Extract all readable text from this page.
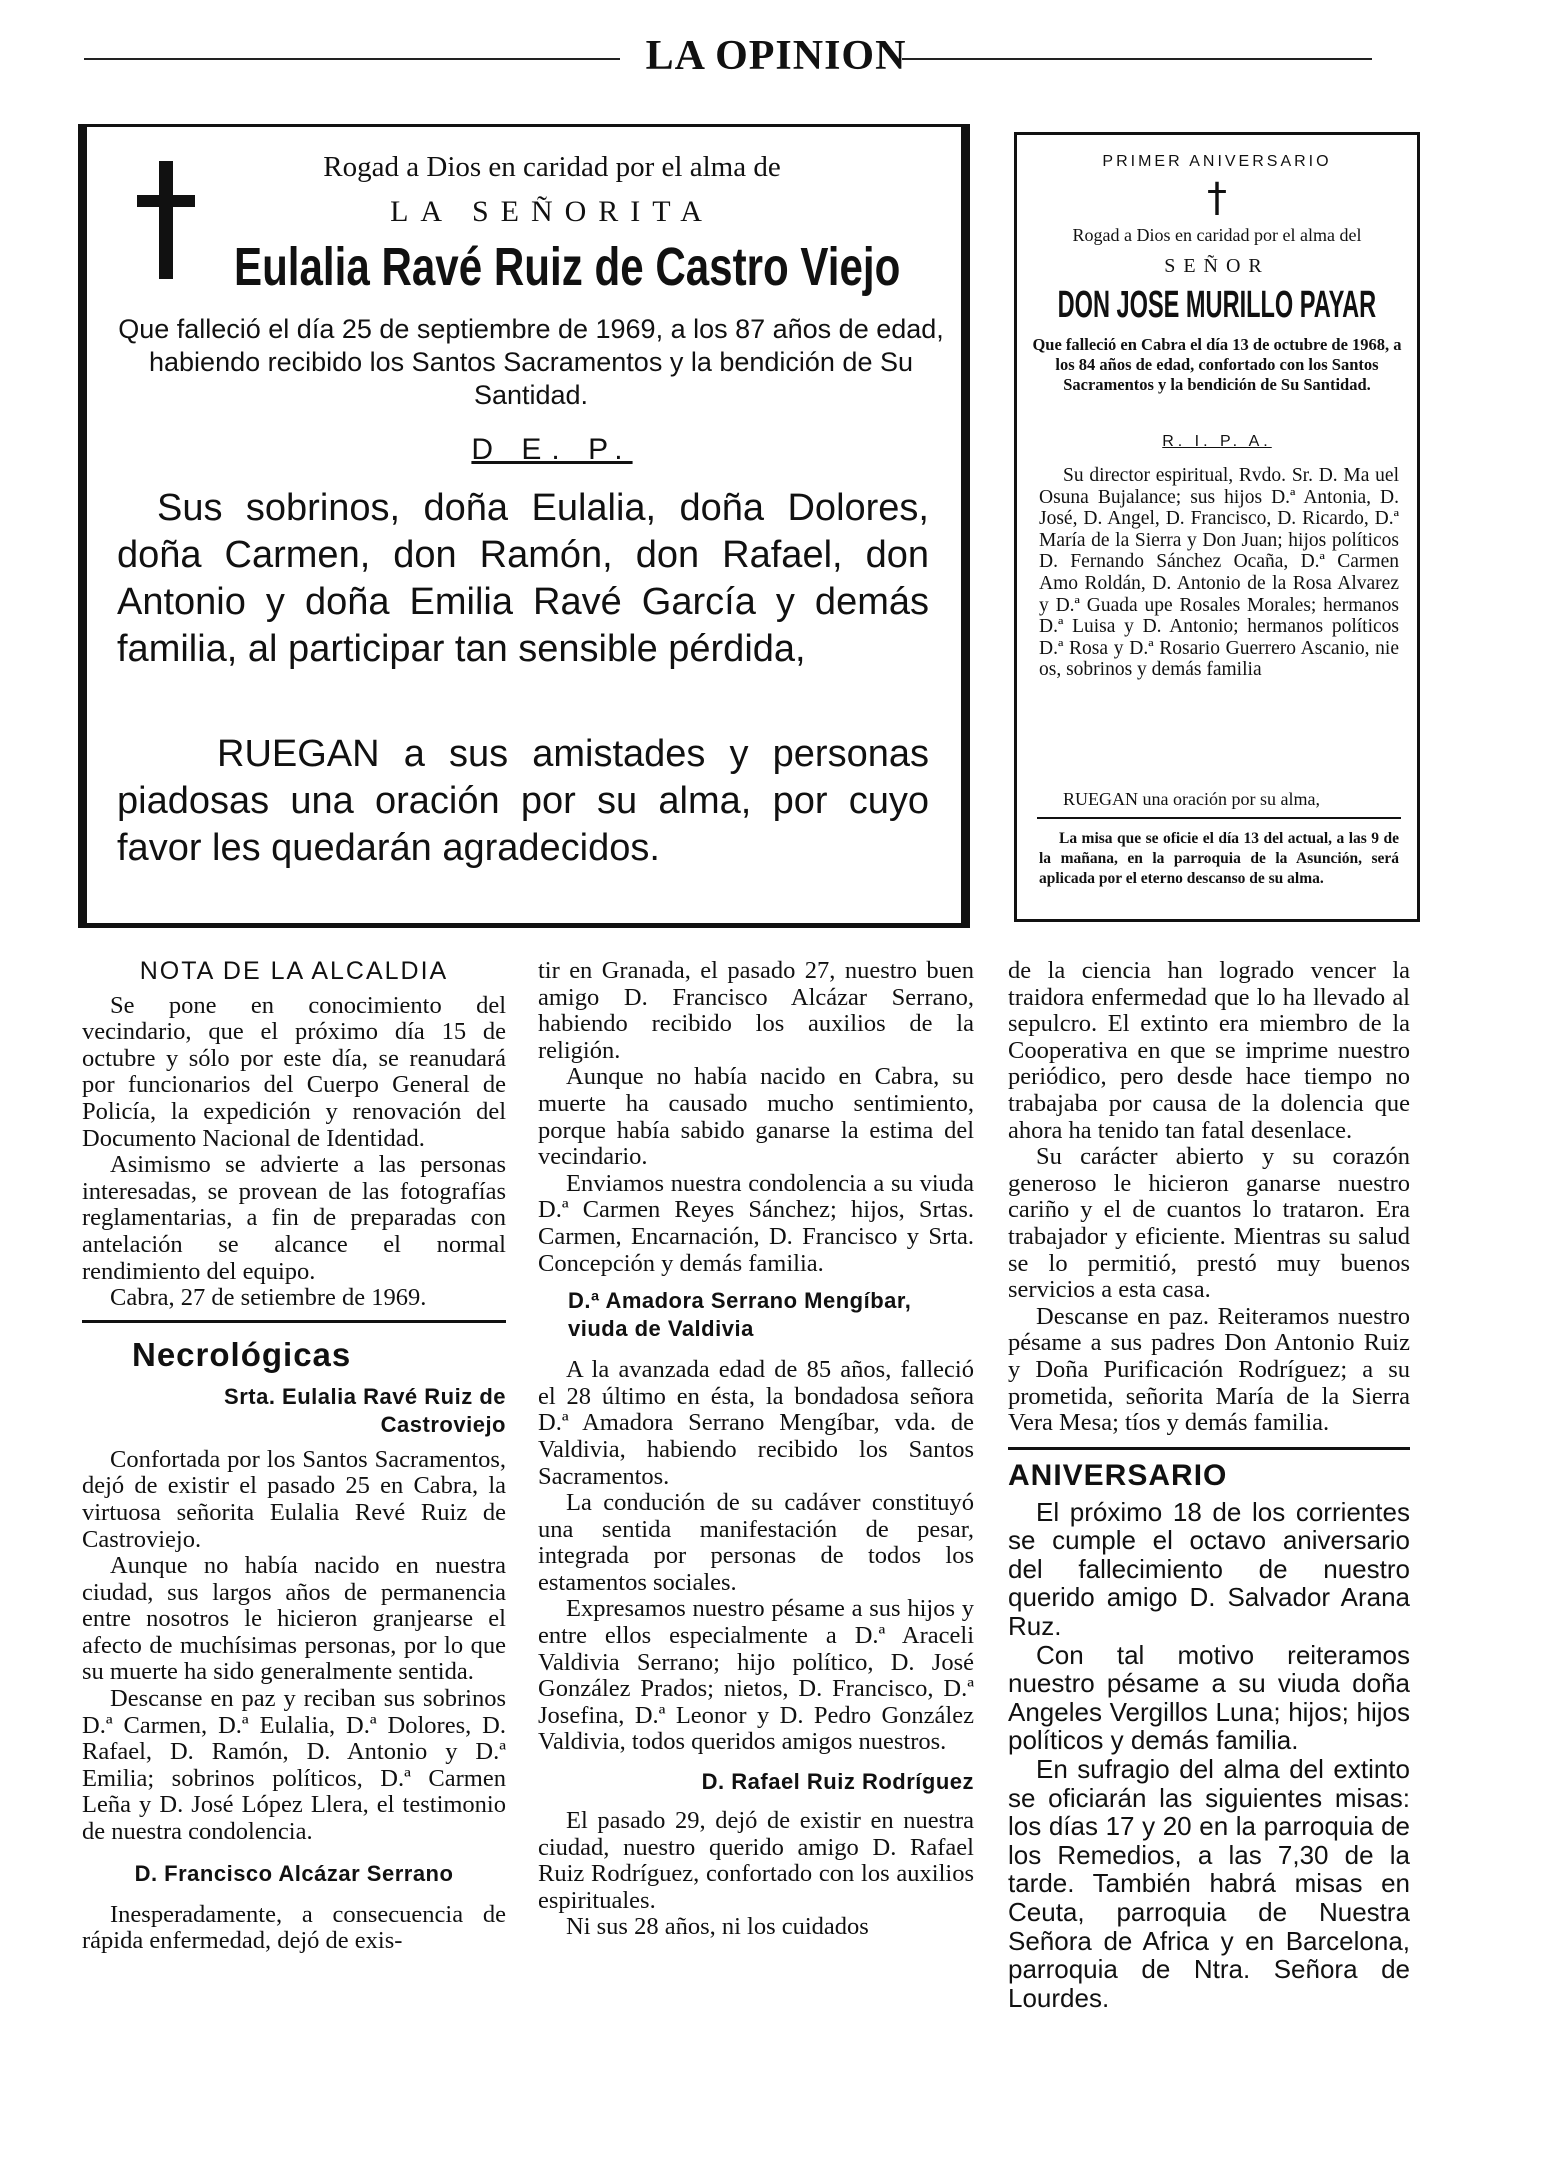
LA OPINION
Rogad a Dios en caridad por el alma de
LA SEÑORITA
Eulalia Ravé Ruiz de Castro Viejo
Que falleció el día 25 de septiembre de 1969, a los 87 años de edad, habiendo recibido los Santos Sacramentos y la bendición de Su Santidad.
D E. P.
Sus sobrinos, doña Eulalia, doña Dolores, doña Carmen, don Ramón, don Rafael, don Antonio y doña Emilia Ravé García y demás familia, al participar tan sensible pérdida,
RUEGAN a sus amistades y personas piadosas una oración por su alma, por cuyo favor les quedarán agradecidos.
PRIMER ANIVERSARIO
†
Rogad a Dios en caridad por el alma del
SEÑOR
DON JOSE MURILLO PAYAR
Que falleció en Cabra el día 13 de octubre de 1968, a los 84 años de edad, confortado con los Santos Sacramentos y la bendición de Su Santidad.
R. I. P. A.
Su director espiritual, Rvdo. Sr. D. Ma uel Osuna Bujalance; sus hijos D.ª Antonia, D. José, D. Angel, D. Francisco, D. Ricardo, D.ª María de la Sierra y Don Juan; hijos políticos D. Fernando Sánchez Ocaña, D.ª Carmen Amo Roldán, D. Antonio de la Rosa Alvarez y D.ª Guada upe Rosales Morales; hermanos D.ª Luisa y D. Antonio; hermanos políticos D.ª Rosa y D.ª Rosario Guerrero Ascanio, nie os, sobrinos y demás familia
RUEGAN una oración por su alma,
La misa que se oficie el día 13 del actual, a las 9 de la mañana, en la parroquia de la Asunción, será aplicada por el eterno descanso de su alma.
NOTA DE LA ALCALDIA

Se pone en conocimiento del vecindario, que el próximo día 15 de octubre y sólo por este día, se reanudará por funcionarios del Cuerpo General de Policía, la expedición y renovación del Documento Nacional de Identidad.

Asimismo se advierte a las personas interesadas, se provean de las fotografías reglamentarias, a fin de preparadas con antelación se alcance el normal rendimiento del equipo.

Cabra, 27 de setiembre de 1969.

Necrológicas
Srta. Eulalia Ravé Ruiz de Castroviejo

Confortada por los Santos Sacramentos, dejó de existir el pasado 25 en Cabra, la virtuosa señorita Eulalia Revé Ruiz de Castroviejo.

Aunque no había nacido en nuestra ciudad, sus largos años de permanencia entre nosotros le hicieron granjearse el afecto de muchísimas personas, por lo que su muerte ha sido generalmente sentida.

Descanse en paz y reciban sus sobrinos D.ª Carmen, D.ª Eulalia, D.ª Dolores, D. Rafael, D. Ramón, D. Antonio y D.ª Emilia; sobrinos políticos, D.ª Carmen Leña y D. José López Llera, el testimonio de nuestra condolencia.

D. Francisco Alcázar Serrano

Inesperadamente, a consecuencia de rápida enfermedad, dejó de exis-

tir en Granada, el pasado 27, nuestro buen amigo D. Francisco Alcázar Serrano, habiendo recibido los auxilios de la religión.

Aunque no había nacido en Cabra, su muerte ha causado mucho sentimiento, porque había sabido ganarse la estima del vecindario.

Enviamos nuestra condolencia a su viuda D.ª Carmen Reyes Sánchez; hijos, Srtas. Carmen, Encarnación, D. Francisco y Srta. Concepción y demás familia.

D.ª Amadora Serrano Mengíbar, viuda de Valdivia

A la avanzada edad de 85 años, falleció el 28 último en ésta, la bondadosa señora D.ª Amadora Serrano Mengíbar, vda. de Valdivia, habiendo recibido los Santos Sacramentos.

La condución de su cadáver constituyó una sentida manifestación de pesar, integrada por personas de todos los estamentos sociales.

Expresamos nuestro pésame a sus hijos y entre ellos especialmente a D.ª Araceli Valdivia Serrano; hijo político, D. José González Prados; nietos, D. Francisco, D.ª Josefina, D.ª Leonor y D. Pedro González Valdivia, todos queridos amigos nuestros.

D. Rafael Ruiz Rodríguez

El pasado 29, dejó de existir en nuestra ciudad, nuestro querido amigo D. Rafael Ruiz Rodríguez, confortado con los auxilios espirituales.

Ni sus 28 años, ni los cuidados

de la ciencia han logrado vencer la traidora enfermedad que lo ha llevado al sepulcro. El extinto era miembro de la Cooperativa en que se imprime nuestro periódico, pero desde hace tiempo no trabajaba por causa de la dolencia que ahora ha tenido tan fatal desenlace.

Su carácter abierto y su corazón generoso le hicieron ganarse nuestro cariño y el de cuantos lo trataron. Era trabajador y eficiente. Mientras su salud se lo permitió, prestó muy buenos servicios a esta casa.

Descanse en paz. Reiteramos nuestro pésame a sus padres Don Antonio Ruiz y Doña Purificación Rodríguez; a su prometida, señorita María de la Sierra Vera Mesa; tíos y demás familia.

ANIVERSARIO

El próximo 18 de los corrientes se cumple el octavo aniversario del fallecimiento de nuestro querido amigo D. Salvador Arana Ruz.

Con tal motivo reiteramos nuestro pésame a su viuda doña Angeles Vergillos Luna; hijos; hijos políticos y demás familia.

En sufragio del alma del extinto se oficiarán las siguientes misas: los días 17 y 20 en la parroquia de los Remedios, a las 7,30 de la tarde. También habrá misas en Ceuta, parroquia de Nuestra Señora de Africa y en Barcelona, parroquia de Ntra. Señora de Lourdes.
